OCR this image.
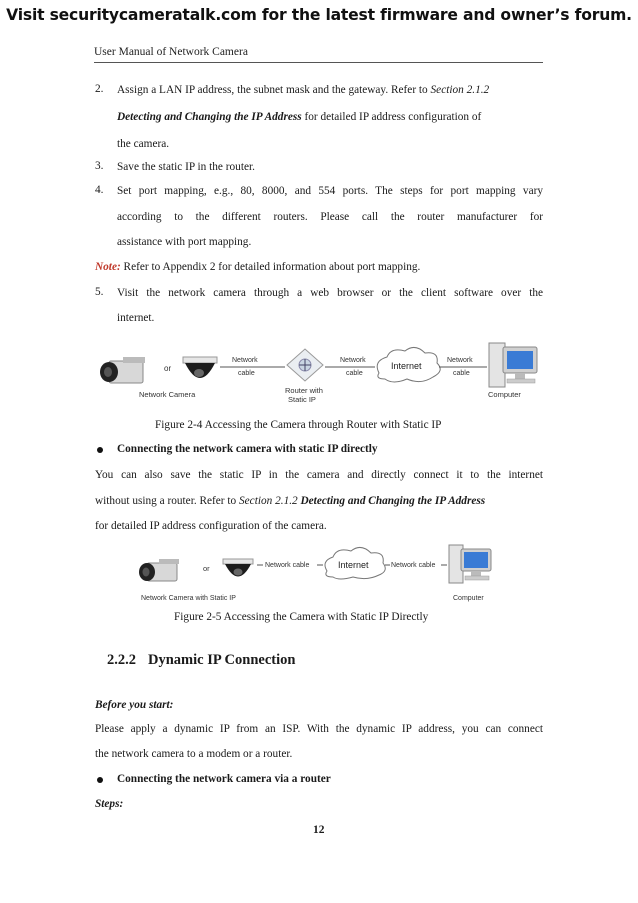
Visit securitycameratalk.com for the latest firmware and owner’s forum.
User Manual of Network Camera
2. Assign a LAN IP address, the subnet mask and the gateway. Refer to Section 2.1.2
Detecting and Changing the IP Address for detailed IP address configuration of
the camera.
3. Save the static IP in the router.
4. Set port mapping, e.g., 80, 8000, and 554 ports. The steps for port mapping vary
according to the different routers. Please call the router manufacturer for
assistance with port mapping.
Note: Refer to Appendix 2 for detailed information about port mapping.
5. Visit the network camera through a web browser or the client software over the
internet.
or
Network Camera
Network
cable
Router with
Static IP
Network
cable
Internet
Network
cable
Computer
Figure 2-4 Accessing the Camera through Router with Static IP
Connecting the network camera with static IP directly
You can also save the static IP in the camera and directly connect it to the internet
without using a router. Refer to Section 2.1.2 Detecting and Changing the IP Address
for detailed IP address configuration of the camera.
or
Network Camera with Static IP
Network cable	Internet	Network cable
Computer
Figure 2-5 Accessing the Camera with Static IP Directly
2.2.2 Dynamic IP Connection
Before you start:
Please apply a dynamic IP from an ISP. With the dynamic IP address, you can connect
the network camera to a modem or a router.
Connecting the network camera via a router
Steps:
12
